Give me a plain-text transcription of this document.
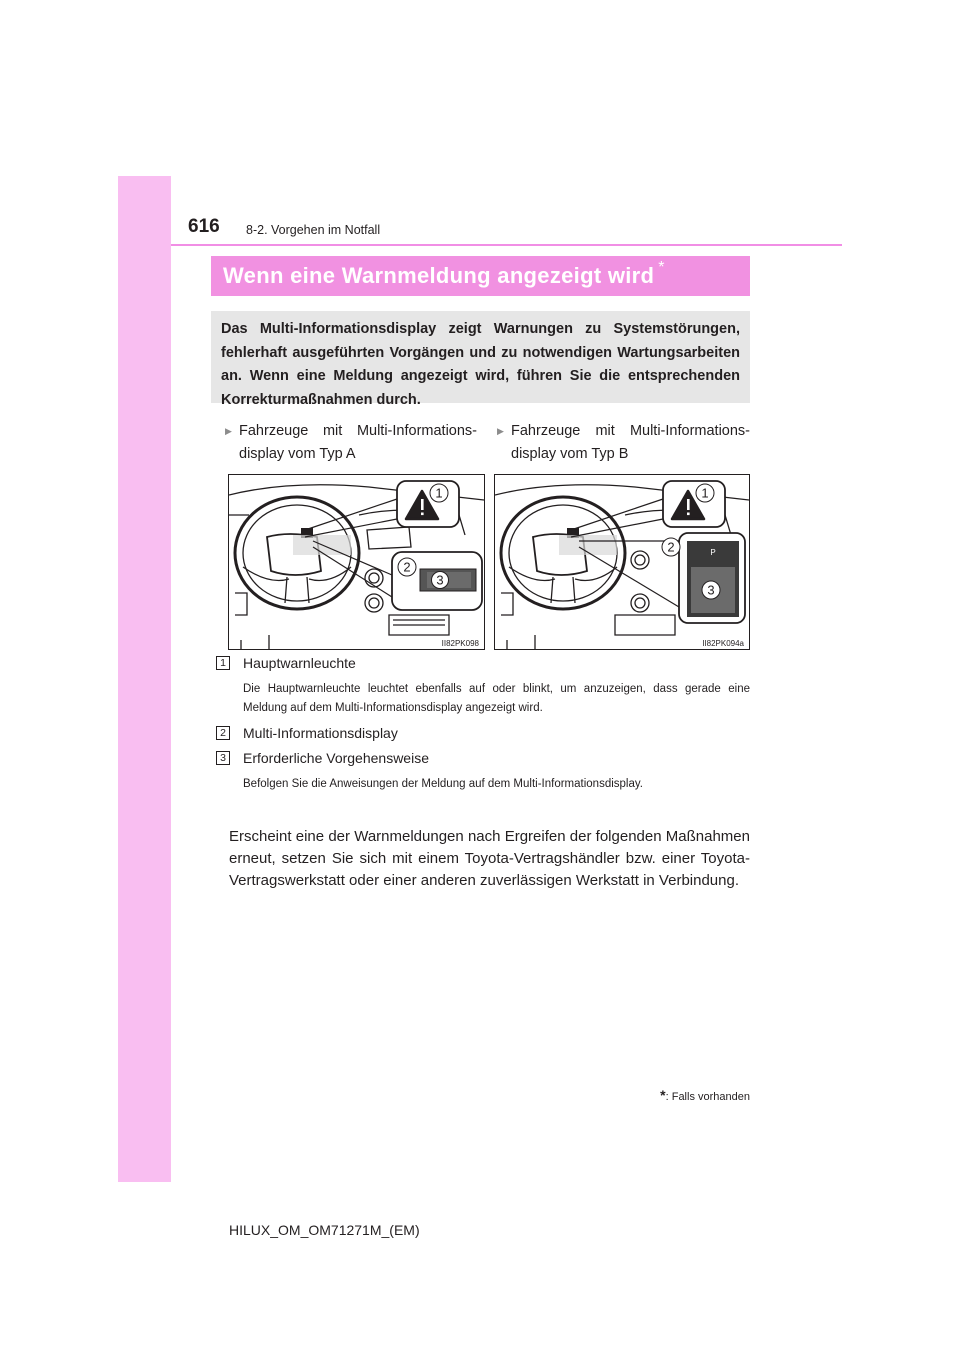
616 8-2. Vorgehen im Notfall
Wenn eine Warnmeldung angezeigt wird *
Das Multi-Informationsdisplay zeigt Warnungen zu Systemstörungen, fehlerhaft ausgeführten Vorgängen und zu notwendigen Wartungsarbeiten an. Wenn eine Meldung angezeigt wird, führen Sie die entsprechenden Korrekturmaßnahmen durch.
▶ Fahrzeuge mit Multi-Informations-display vom Typ A
▶ Fahrzeuge mit Multi-Informations-display vom Typ B
1
2
3
II82PK098
1
P
2
3
II82PK094a
1 Hauptwarnleuchte
Die Hauptwarnleuchte leuchtet ebenfalls auf oder blinkt, um anzuzeigen, dass gerade eine Meldung auf dem Multi-Informationsdisplay angezeigt wird.
2 Multi-Informationsdisplay
3 Erforderliche Vorgehensweise
Befolgen Sie die Anweisungen der Meldung auf dem Multi-Informationsdisplay.
Erscheint eine der Warnmeldungen nach Ergreifen der folgenden Maßnahmen erneut, setzen Sie sich mit einem Toyota-Vertragshändler bzw. einer Toyota-Vertragswerkstatt oder einer anderen zuverlässigen Werkstatt in Verbindung.
*: Falls vorhanden
HILUX_OM_OM71271M_(EM)
